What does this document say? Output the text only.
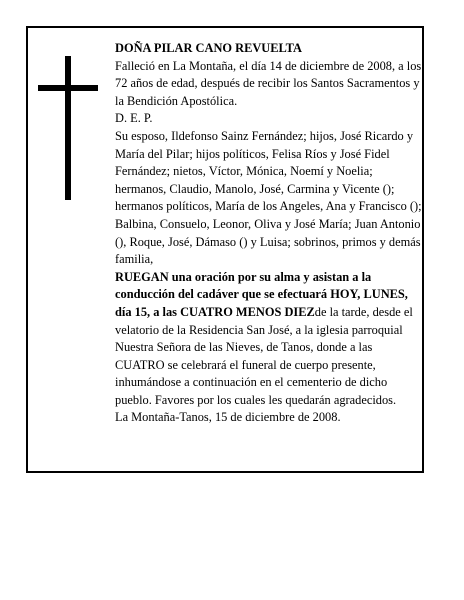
DOÑA PILAR CANO REVUELTA

Falleció en La Montaña, el día 14 de diciembre de 2008, a los 72 años de edad, después de recibir los Santos Sacramentos y la Bendición Apostólica.

D. E. P.

Su esposo, Ildefonso Sainz Fernández; hijos, José Ricardo y María del Pilar; hijos políticos, Felisa Ríos y José Fidel Fernández; nietos, Víctor, Mónica, Noemí y Noelia; hermanos, Claudio, Manolo, José, Carmina y Vicente (); hermanos políticos, María de los Angeles, Ana y Francisco (); Balbina, Consuelo, Leonor, Oliva y José María; Juan Antonio (), Roque, José, Dámaso () y Luisa; sobrinos, primos y demás familia,

RUEGAN una oración por su alma y asistan a la conducción del cadáver que se efectuará HOY, LUNES, día 15, a las CUATRO MENOS DIEZde la tarde, desde el velatorio de la Residencia San José, a la iglesia parroquial Nuestra Señora de las Nieves, de Tanos, donde a las CUATRO se celebrará el funeral de cuerpo presente, inhumándose a continuación en el cementerio de dicho pueblo. Favores por los cuales les quedarán agradecidos.

La Montaña-Tanos, 15 de diciembre de 2008.
